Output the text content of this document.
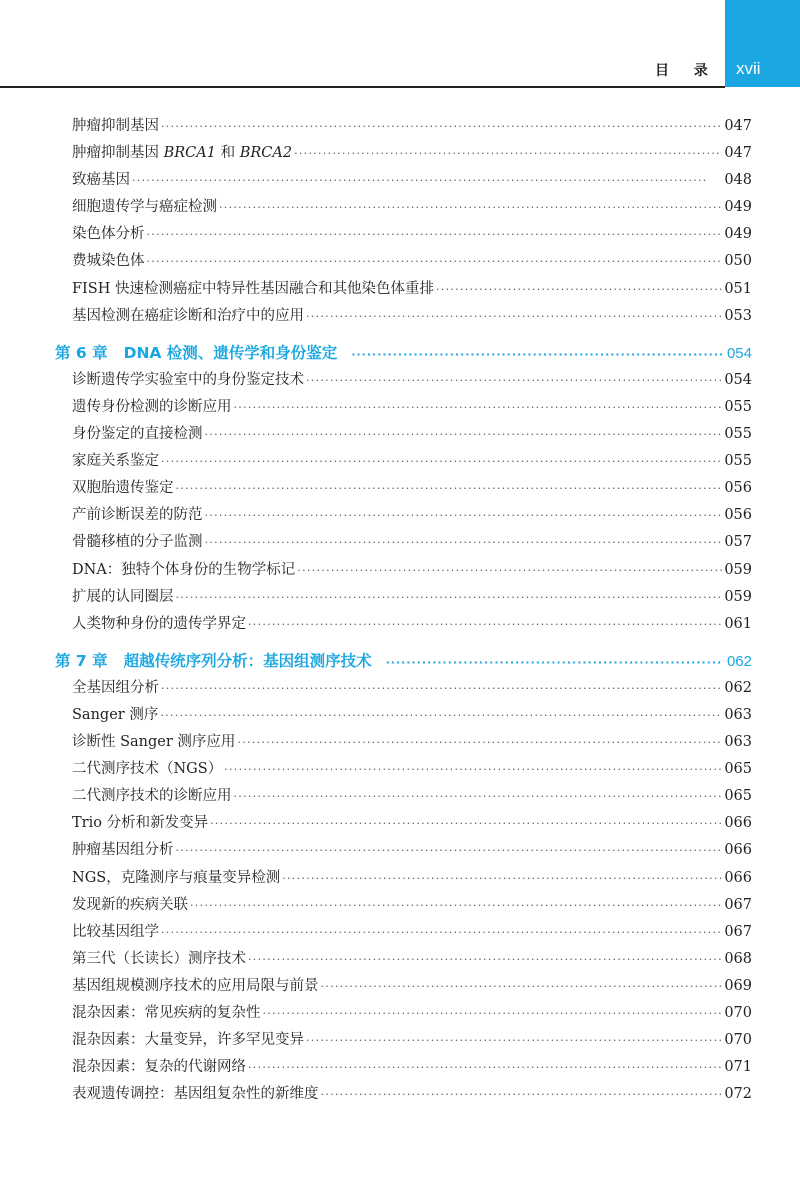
目 录 xvii
肿瘤抑制基因 ·····	047
肿瘤抑制基因 BRCA1 和 BRCA2 ·····	047
致癌基因 ·····	048
细胞遗传学与癌症检测 ·····	049
染色体分析 ·····	049
费城染色体 ·····	050
FISH 快速检测癌症中特异性基因融合和其他染色体重排 ·····	051
基因检测在癌症诊断和治疗中的应用 ·····	053
第 6 章 DNA 检测、遗传学和身份鉴定 ·····	054
诊断遗传学实验室中的身份鉴定技术 ·····	054
遗传身份检测的诊断应用 ·····	055
身份鉴定的直接检测 ·····	055
家庭关系鉴定 ·····	055
双胞胎遗传鉴定 ·····	056
产前诊断误差的防范 ·····	056
骨髓移植的分子监测 ·····	057
DNA：独特个体身份的生物学标记 ·····	059
扩展的认同圈层 ·····	059
人类物种身份的遗传学界定 ·····	061
第 7 章 超越传统序列分析：基因组测序技术 ·····	062
全基因组分析 ·····	062
Sanger 测序 ·····	063
诊断性 Sanger 测序应用 ·····	063
二代测序技术（NGS） ·····	065
二代测序技术的诊断应用 ·····	065
Trio 分析和新发变异 ·····	066
肿瘤基因组分析 ·····	066
NGS，克隆测序与痕量变异检测 ·····	066
发现新的疾病关联 ·····	067
比较基因组学 ·····	067
第三代（长读长）测序技术 ·····	068
基因组规模测序技术的应用局限与前景 ·····	069
混杂因素：常见疾病的复杂性 ·····	070
混杂因素：大量变异，许多罕见变异 ·····	070
混杂因素：复杂的代谢网络 ·····	071
表观遗传调控：基因组复杂性的新维度 ·····	072
